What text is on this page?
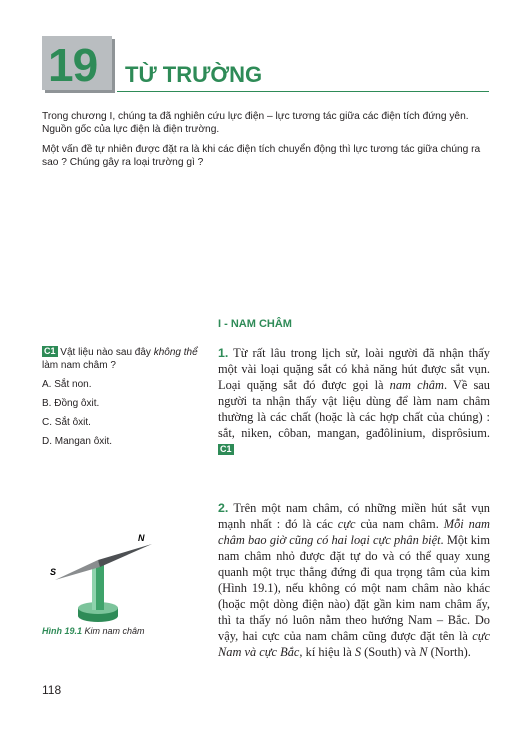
19 TỪ TRƯỜNG

Trong chương I, chúng ta đã nghiên cứu lực điện – lực tương tác giữa các điện tích đứng yên. Nguồn gốc của lực điện là điện trường.

Một vấn đề tự nhiên được đặt ra là khi các điện tích chuyển động thì lực tương tác giữa chúng ra sao ? Chúng gây ra loại trường gì ?

I - NAM CHÂM

1. Từ rất lâu trong lịch sử, loài người đã nhận thấy một vài loại quặng sắt có khả năng hút được sắt vụn. Loại quặng sắt đó được gọi là nam châm. Về sau người ta nhận thấy vật liệu dùng để làm nam châm thường là các chất (hoặc là các hợp chất của chúng) : sắt, niken, côban, mangan, gađôlinium, disprôsium. C1

2. Trên một nam châm, có những miền hút sắt vụn mạnh nhất : đó là các cực của nam châm. Mỗi nam châm bao giờ cũng có hai loại cực phân biệt. Một kim nam châm nhỏ được đặt tự do và có thể quay xung quanh một trục thẳng đứng đi qua trọng tâm của kim (Hình 19.1), nếu không có một nam châm nào khác (hoặc một dòng điện nào) đặt gần kim nam châm ấy, thì ta thấy nó luôn nằm theo hướng Nam – Bắc. Do vậy, hai cực của nam châm cũng được đặt tên là cực Nam và cực Bắc, kí hiệu là S (South) và N (North).

C1 Vật liệu nào sau đây không thể làm nam châm ?
A. Sắt non.
B. Đồng ôxit.
C. Sắt ôxit.
D. Mangan ôxit.
N
S
Hình 19.1 Kim nam châm
118
